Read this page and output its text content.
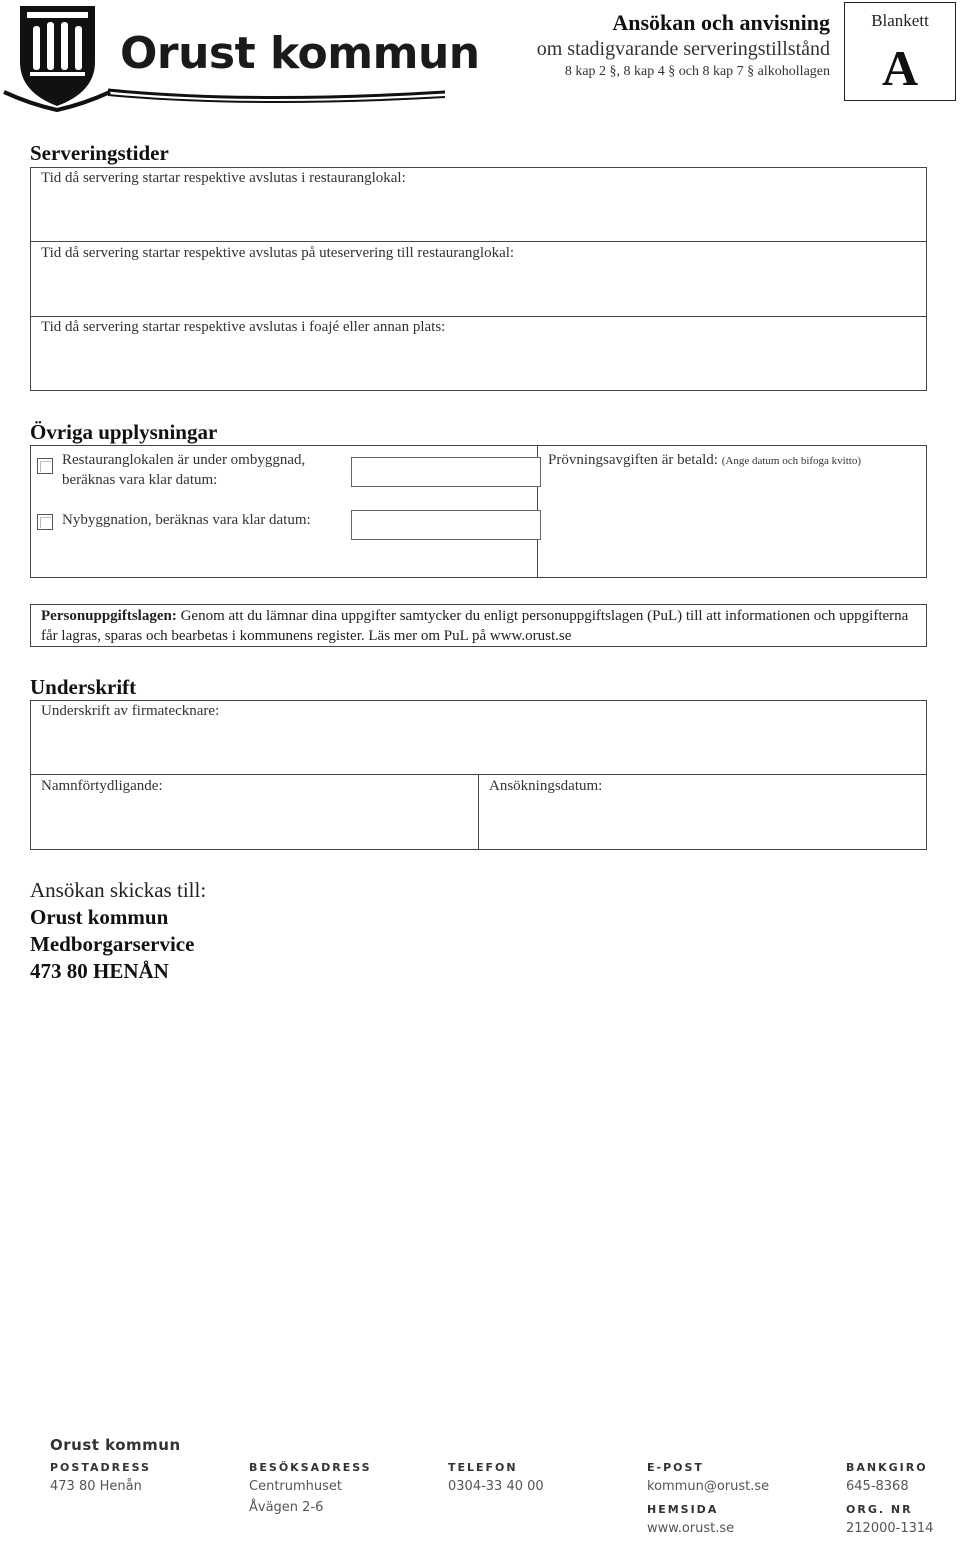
Orust kommun
Ansökan och anvisning
om stadigvarande serveringstillstånd
8 kap 2 §, 8 kap 4 § och 8 kap 7 § alkohollagen
Blankett
A
Serveringstider
Tid då servering startar respektive avslutas i restauranglokal:
Tid då servering startar respektive avslutas på uteservering till restauranglokal:
Tid då servering startar respektive avslutas i foajé eller annan plats:
Övriga upplysningar
Restauranglokalen är under ombyggnad,
beräknas vara klar datum:
Nybyggnation, beräknas vara klar datum:
Prövningsavgiften är betald: (Ange datum och bifoga kvitto)
Personuppgiftslagen: Genom att du lämnar dina uppgifter samtycker du enligt personuppgiftslagen (PuL) till att informationen och uppgifterna får lagras, sparas och bearbetas i kommunens register. Läs mer om PuL på www.orust.se
Underskrift
Underskrift av firmatecknare:
Namnförtydligande:	Ansökningsdatum:
Ansökan skickas till:
Orust kommun
Medborgarservice
473 80 HENÅN
Orust kommun
POSTADRESS
473 80 Henån
BESÖKSADRESS
Centrumhuset
Åvägen 2-6
TELEFON
0304-33 40 00
E-POST
kommun@orust.se
HEMSIDA
www.orust.se
BANKGIRO
645-8368
ORG. NR
212000-1314
